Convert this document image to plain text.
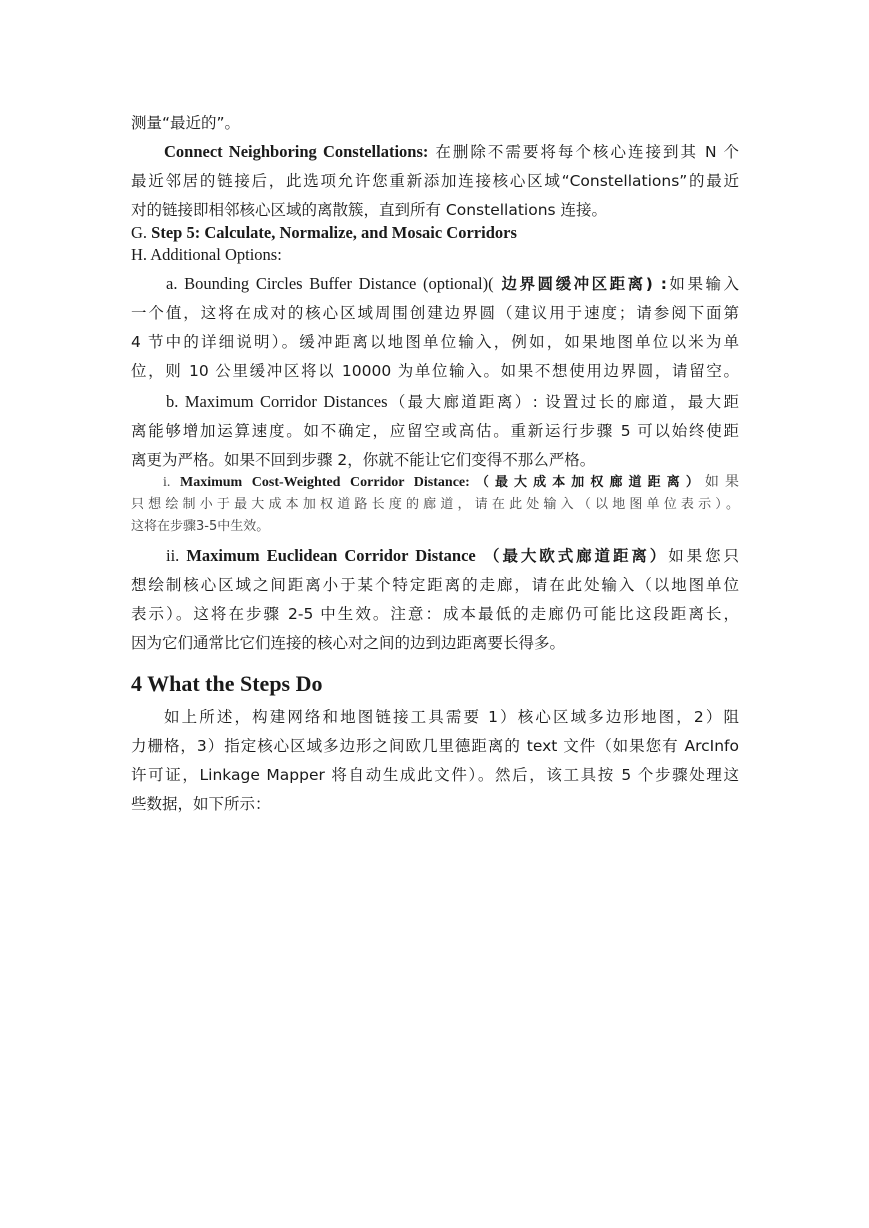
测量“最近的”。
Connect Neighboring Constellations: 在删除不需要将每个核心连接到其 N 个
最近邻居的链接后，此选项允许您重新添加连接核心区域“Constellations”的最近
对的链接即相邻核心区域的离散簇，直到所有 Constellations 连接。
G. Step 5: Calculate, Normalize, and Mosaic Corridors
H. Additional Options:
a. Bounding Circles Buffer Distance (optional)( 边界圆缓冲区距离) :如果输入
一个值，这将在成对的核心区域周围创建边界圆（建议用于速度；请参阅下面第
4 节中的详细说明）。缓冲距离以地图单位输入，例如，如果地图单位以米为单
位，则 10 公里缓冲区将以 10000 为单位输入。如果不想使用边界圆，请留空。
b. Maximum Corridor Distances（最大廊道距离）: 设置过长的廊道，最大距
离能够增加运算速度。如不确定，应留空或高估。重新运行步骤 5 可以始终使距
离更为严格。如果不回到步骤 2，你就不能让它们变得不那么严格。
i. Maximum Cost-Weighted Corridor Distance:（最大成本加权廊道距离）如果
只想绘制小于最大成本加权道路长度的廊道，请在此处输入（以地图单位表示）。
这将在步骤3-5中生效。
ii. Maximum Euclidean Corridor Distance （最大欧式廊道距离）如果您只
想绘制核心区域之间距离小于某个特定距离的走廊，请在此处输入（以地图单位
表示）。这将在步骤 2-5 中生效。注意：成本最低的走廊仍可能比这段距离长，
因为它们通常比它们连接的核心对之间的边到边距离要长得多。
4 What the Steps Do
如上所述，构建网络和地图链接工具需要 1）核心区域多边形地图，2）阻
力栅格，3）指定核心区域多边形之间欧几里德距离的 text 文件（如果您有 ArcInfo
许可证，Linkage Mapper 将自动生成此文件）。然后，该工具按 5 个步骤处理这
些数据，如下所示：
